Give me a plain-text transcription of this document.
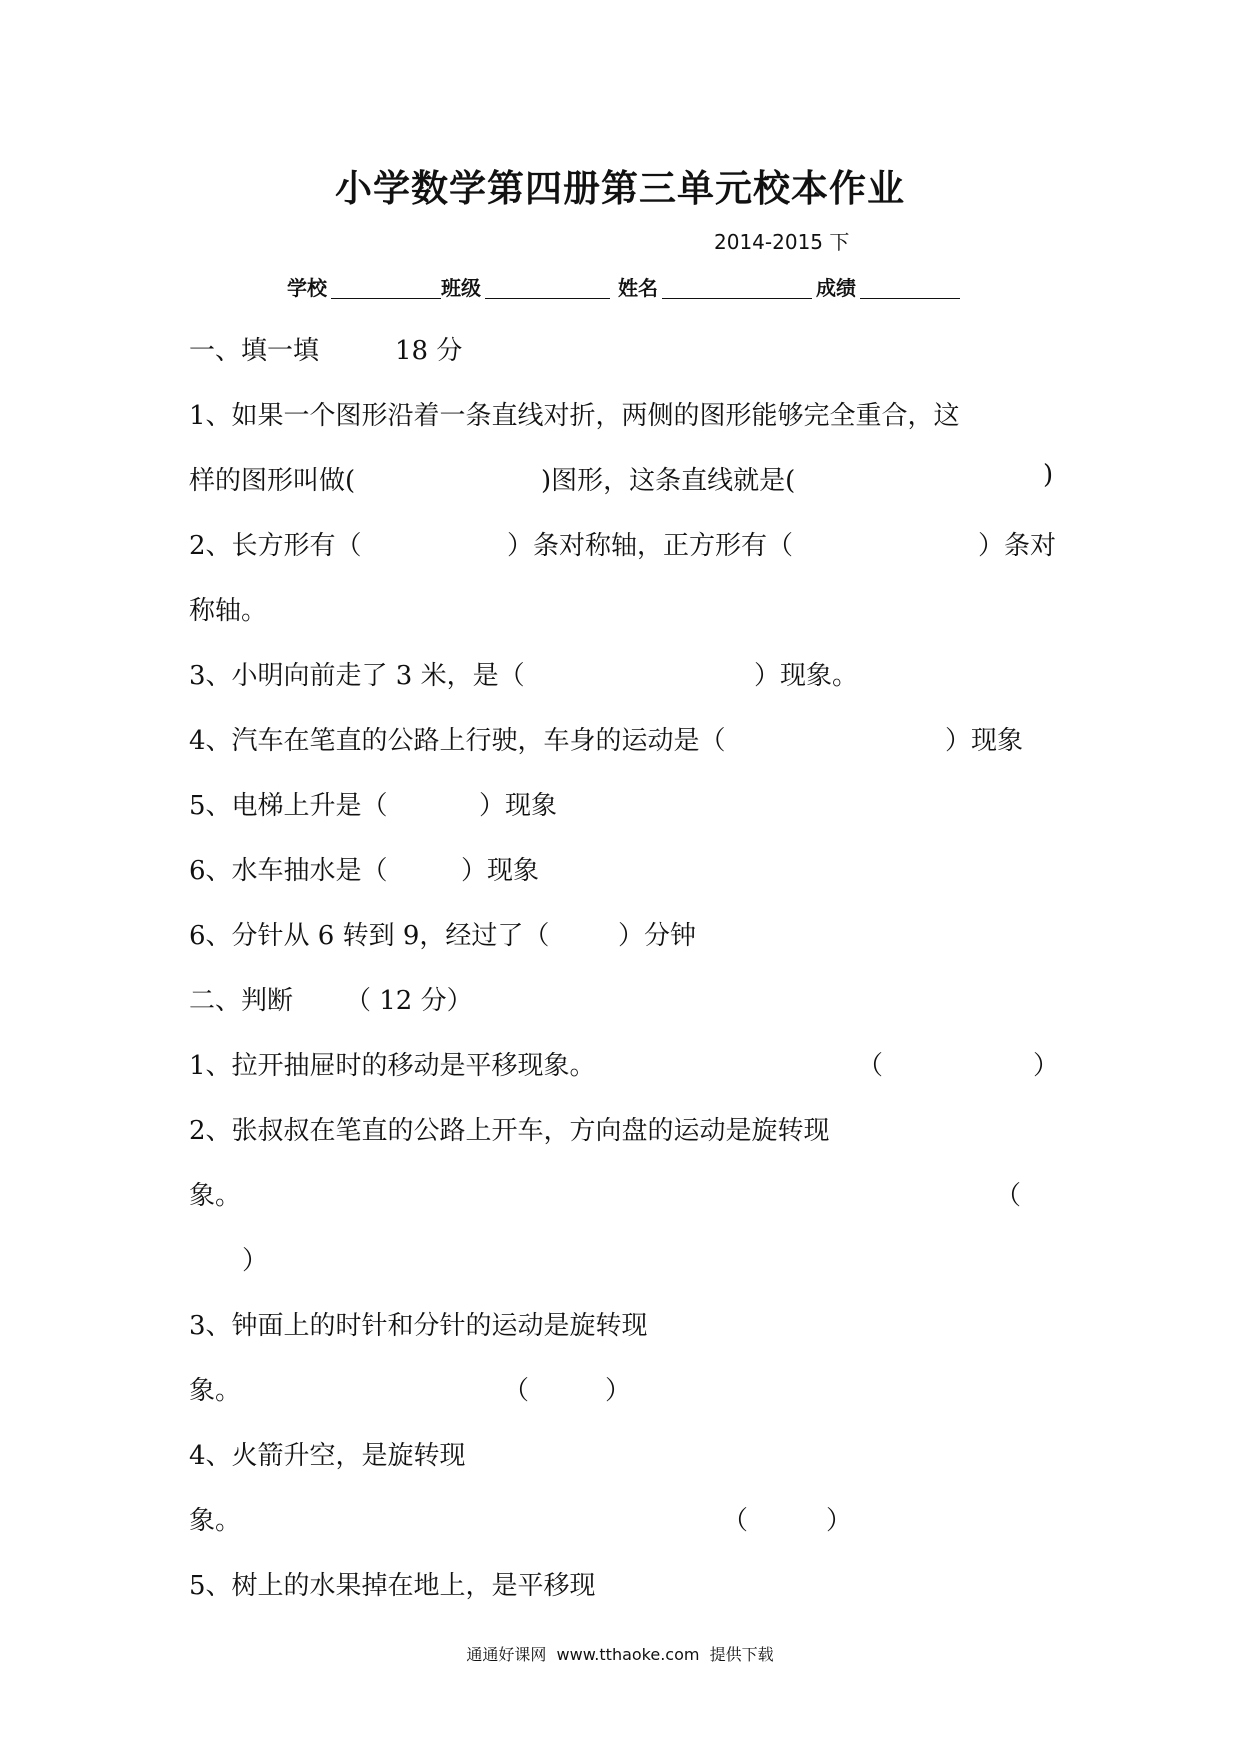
小学数学第四册第三单元校本作业
2014-2015 下
学校	班级	姓名	成绩
一、填一填	18 分
1、如果一个图形沿着一条直线对折，两侧的图形能够完全重合，这
样的图形叫做(	)图形，这条直线就是(	)
2、长方形有（	）条对称轴，正方形有（	）条对
称轴。
3、小明向前走了 3 米，是（	）现象。
4、汽车在笔直的公路上行驶，车身的运动是（	）现象
5、电梯上升是（	）现象
6、水车抽水是（	）现象
6、分针从 6 转到 9，经过了（	）分钟
二、判断 （ 12 分）
1、拉开抽屉时的移动是平移现象。	（	）
2、张叔叔在笔直的公路上开车，方向盘的运动是旋转现
象。	（
）
3、钟面上的时针和分针的运动是旋转现
象。	（	）
4、火箭升空，是旋转现
象。	（	）
5、树上的水果掉在地上，是平移现
通通好课网  www.tthaoke.com  提供下载
